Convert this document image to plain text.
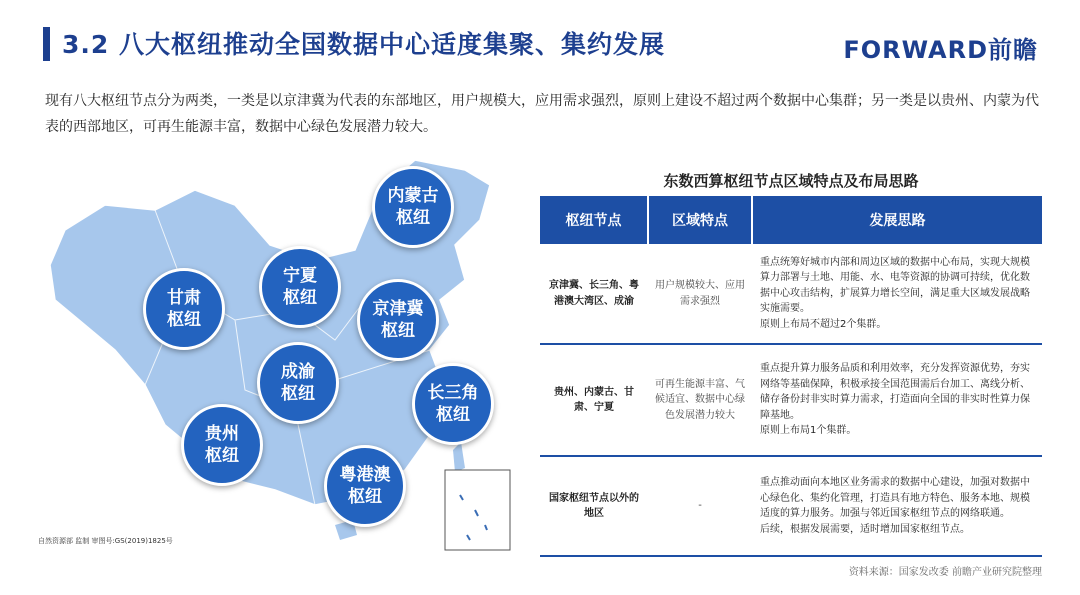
3.2 八大枢纽推动全国数据中心适度集聚、集约发展	FORWARD前瞻
现有八大枢纽节点分为两类，一类是以京津冀为代表的东部地区，用户规模大，应用需求强烈，原则上建设不超过两个数据中心集群；另一类是以贵州、内蒙为代表的西部地区，可再生能源丰富，数据中心绿色发展潜力较大。
内蒙古
枢纽
宁夏
枢纽
甘肃
枢纽
京津冀
枢纽
成渝
枢纽	长三角
枢纽
贵州
枢纽
粤港澳
枢纽
自然资源部 监制 审图号:GS(2019)1825号
东数西算枢纽节点区域特点及布局思路
枢纽节点	区域特点	发展思路
京津冀、长三角、粤港澳大湾区、成渝	用户规模较大、应用需求强烈	重点统筹好城市内部和周边区域的数据中心布局，实现大规模算力部署与土地、用能、水、电等资源的协调可持续，优化数据中心攻击结构，扩展算力增长空间，满足重大区域发展战略实施需要。
原则上布局不超过2个集群。

贵州、内蒙古、甘肃、宁夏	可再生能源丰富、气候适宜、数据中心绿色发展潜力较大	重点提升算力服务品质和利用效率，充分发挥资源优势，夯实网络等基础保障，积极承接全国范围需后台加工、离线分析、储存备份封非实时算力需求，打造面向全国的非实时性算力保障基地。
原则上布局1个集群。

国家枢纽节点以外的地区	-	重点推动面向本地区业务需求的数据中心建设，加强对数据中心绿色化、集约化管理，打造具有地方特色、服务本地、规模适度的算力服务。加强与邻近国家枢纽节点的网络联通。
后续，根据发展需要，适时增加国家枢纽节点。
资料来源：国家发改委 前瞻产业研究院整理
